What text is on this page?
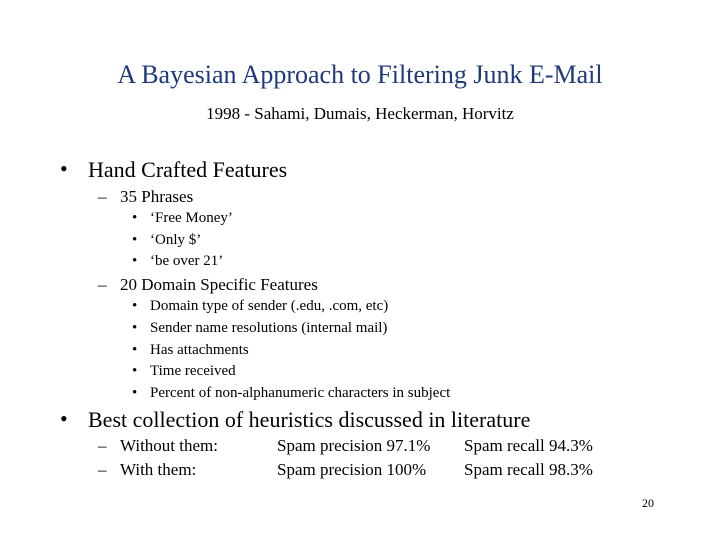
A Bayesian Approach to Filtering Junk E-Mail
1998 - Sahami, Dumais, Heckerman, Horvitz
• Hand Crafted Features
– 35 Phrases
• ‘Free Money’
• ‘Only $’
• ‘be over 21’
– 20 Domain Specific Features
• Domain type of sender (.edu, .com, etc)
• Sender name resolutions (internal mail)
• Has attachments
• Time received
• Percent of non-alphanumeric characters in subject
• Best collection of heuristics discussed in literature
– Without them:	Spam precision 97.1% Spam recall 94.3%
– With them:	Spam precision 100% Spam recall 98.3%
20
